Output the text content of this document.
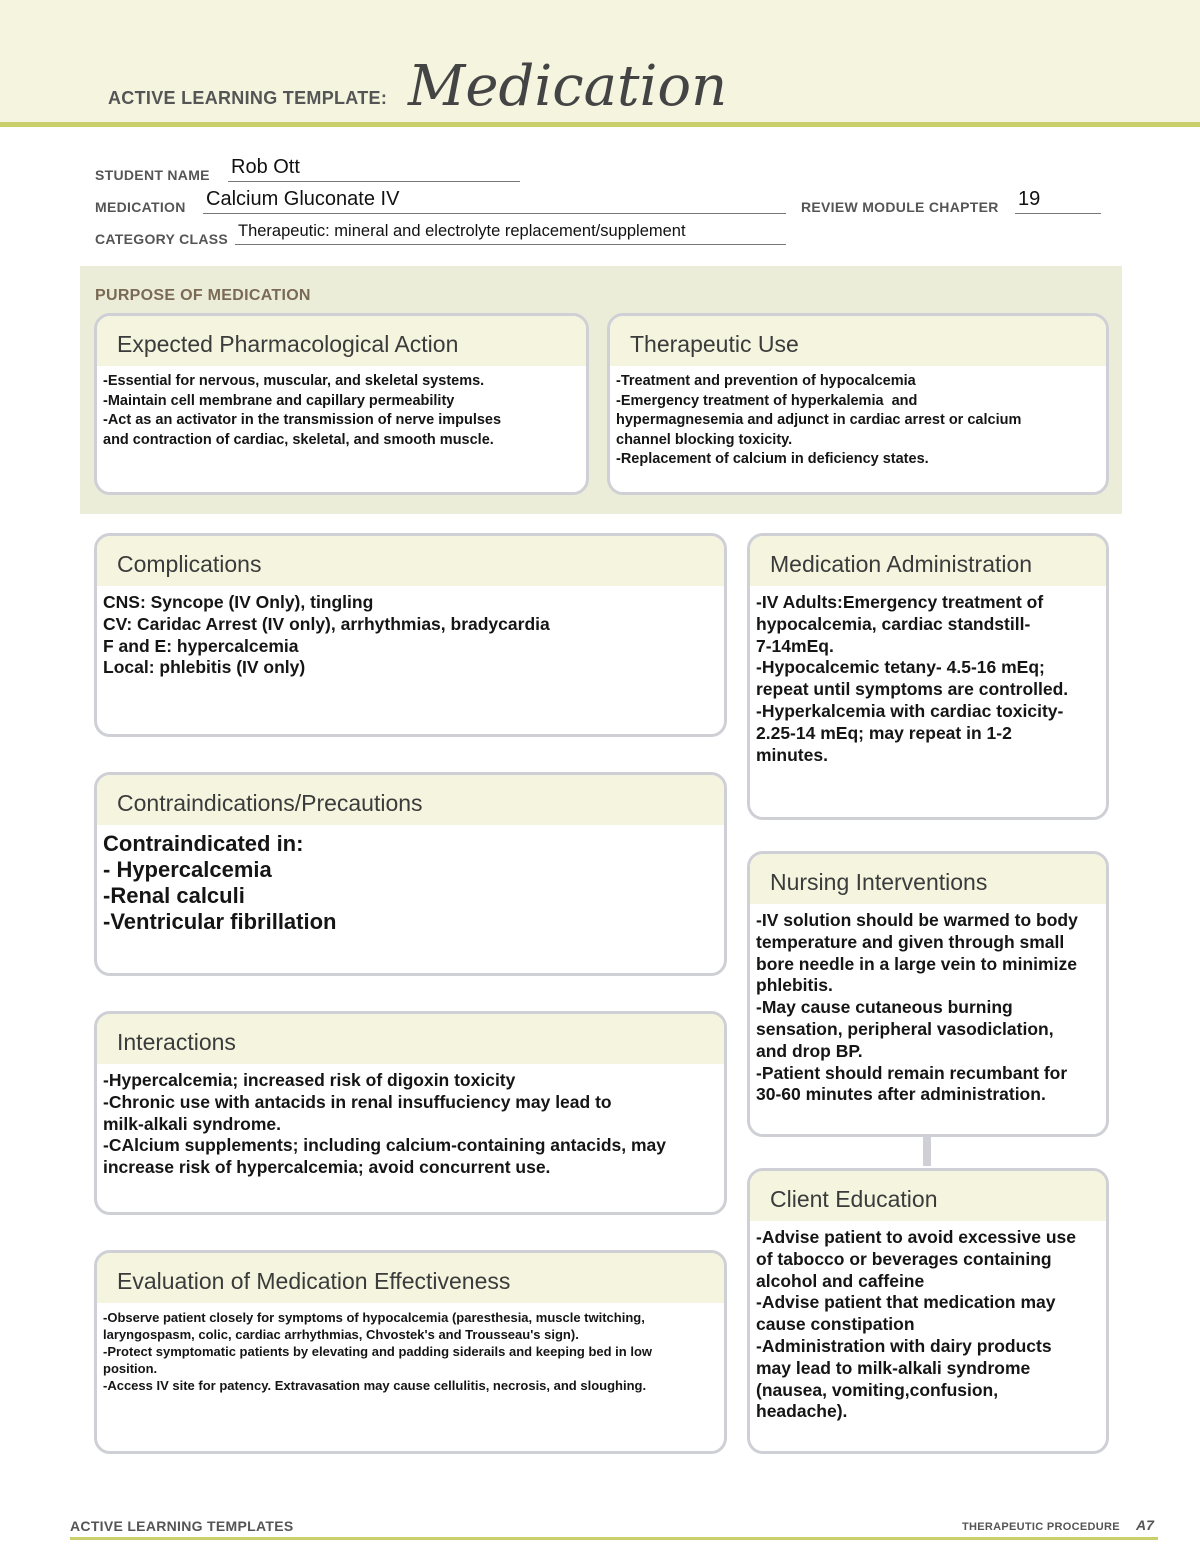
ACTIVE LEARNING TEMPLATE: Medication
STUDENT NAME Rob Ott
MEDICATION Calcium Gluconate IV	REVIEW MODULE CHAPTER 19
CATEGORY CLASS Therapeutic: mineral and electrolyte replacement/supplement
PURPOSE OF MEDICATION
Expected Pharmacological Action
-Essential for nervous, muscular, and skeletal systems.
-Maintain cell membrane and capillary permeability
-Act as an activator in the transmission of nerve impulses
and contraction of cardiac, skeletal, and smooth muscle.
Therapeutic Use
-Treatment and prevention of hypocalcemia
-Emergency treatment of hyperkalemia  and
hypermagnesemia and adjunct in cardiac arrest or calcium
channel blocking toxicity.
-Replacement of calcium in deficiency states.
Complications
CNS: Syncope (IV Only), tingling
CV: Caridac Arrest (IV only), arrhythmias, bradycardia
F and E: hypercalcemia
Local: phlebitis (IV only)
Contraindications/Precautions
Contraindicated in:
- Hypercalcemia
-Renal calculi
-Ventricular fibrillation
Interactions
-Hypercalcemia; increased risk of digoxin toxicity
-Chronic use with antacids in renal insuffuciency may lead to
milk-alkali syndrome.
-CAlcium supplements; including calcium-containing antacids, may
increase risk of hypercalcemia; avoid concurrent use.
Evaluation of Medication Effectiveness
-Observe patient closely for symptoms of hypocalcemia (paresthesia, muscle twitching,
laryngospasm, colic, cardiac arrhythmias, Chvostek's and Trousseau's sign).
-Protect symptomatic patients by elevating and padding siderails and keeping bed in low
position.
-Access IV site for patency. Extravasation may cause cellulitis, necrosis, and sloughing.
Medication Administration
-IV Adults:Emergency treatment of
hypocalcemia, cardiac standstill-
7-14mEq.
-Hypocalcemic tetany- 4.5-16 mEq;
repeat until symptoms are controlled.
-Hyperkalcemia with cardiac toxicity-
2.25-14 mEq; may repeat in 1-2
minutes.
Nursing Interventions
-IV solution should be warmed to body
temperature and given through small
bore needle in a large vein to minimize
phlebitis.
-May cause cutaneous burning
sensation, peripheral vasodiclation,
and drop BP.
-Patient should remain recumbant for
30-60 minutes after administration.
Client Education
-Advise patient to avoid excessive use
of tabocco or beverages containing
alcohol and caffeine
-Advise patient that medication may
cause constipation
-Administration with dairy products
may lead to milk-alkali syndrome
(nausea, vomiting,confusion,
headache).
ACTIVE LEARNING TEMPLATES	THERAPEUTIC PROCEDURE A7
